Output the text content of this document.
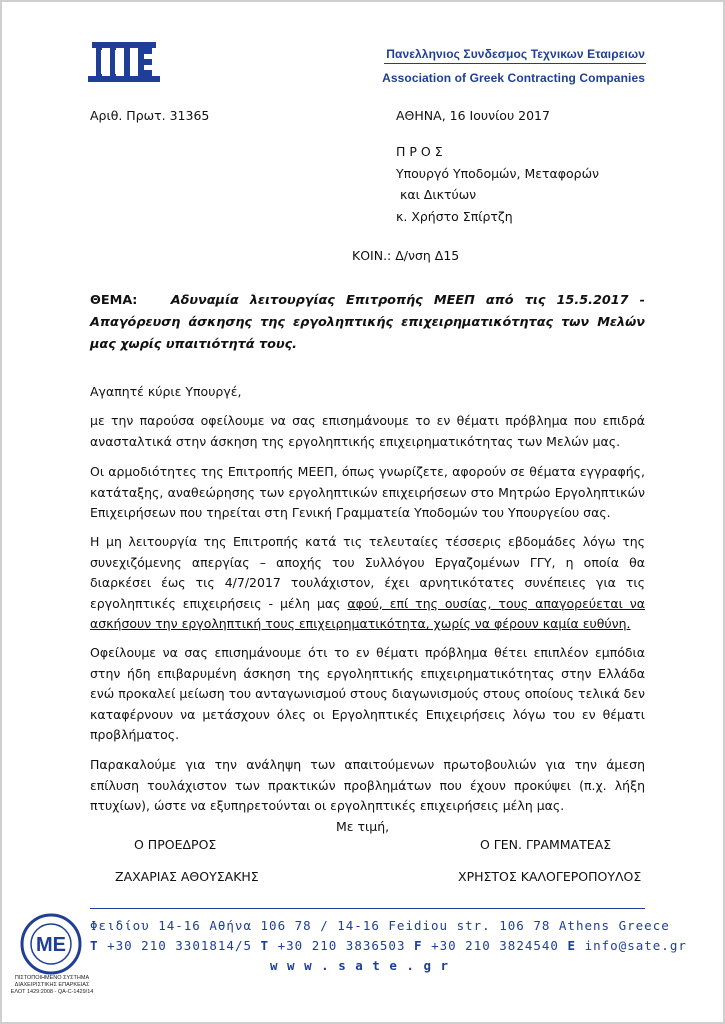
Πανελληνιος Συνδεσμος Τεχνικων Εταιρειων
Association of Greek Contracting Companies
Αριθ. Πρωτ. 31365	ΑΘΗΝΑ, 16 Ιουνίου 2017
Π Ρ Ο Σ
Υπουργό Υποδομών, Μεταφορών
και Δικτύων
κ. Χρήστο Σπίρτζη
ΚΟΙΝ.: Δ/νση Δ15
ΘΕΜΑ:	Αδυναμία λειτουργίας Επιτροπής ΜΕΕΠ από τις 15.5.2017 - Απαγόρευση άσκησης της εργοληπτικής επιχειρηματικότητας των Μελών μας χωρίς υπαιτιότητά τους.
Αγαπητέ κύριε Υπουργέ,
με την παρούσα οφείλουμε να σας επισημάνουμε το εν θέματι πρόβλημα που επιδρά ανασταλτικά στην άσκηση της εργοληπτικής επιχειρηματικότητας των Μελών μας.
Οι αρμοδιότητες της Επιτροπής ΜΕΕΠ, όπως γνωρίζετε, αφορούν σε θέματα εγγραφής, κατάταξης, αναθεώρησης των εργοληπτικών επιχειρήσεων στο Μητρώο Εργοληπτικών Επιχειρήσεων που τηρείται στη Γενική Γραμματεία Υποδομών του Υπουργείου σας.
Η μη λειτουργία της Επιτροπής κατά τις τελευταίες τέσσερις εβδομάδες λόγω της συνεχιζόμενης απεργίας – αποχής του Συλλόγου Εργαζομένων ΓΓΥ, η οποία θα διαρκέσει έως τις 4/7/2017 τουλάχιστον, έχει αρνητικότατες συνέπειες για τις εργοληπτικές επιχειρήσεις - μέλη μας αφού, επί της ουσίας, τους απαγορεύεται να ασκήσουν την εργοληπτική τους επιχειρηματικότητα, χωρίς να φέρουν καμία ευθύνη.
Οφείλουμε να σας επισημάνουμε ότι το εν θέματι πρόβλημα θέτει επιπλέον εμπόδια στην ήδη επιβαρυμένη άσκηση της εργοληπτικής επιχειρηματικότητας στην Ελλάδα ενώ προκαλεί μείωση του ανταγωνισμού στους διαγωνισμούς στους οποίους τελικά δεν καταφέρνουν να μετάσχουν όλες οι Εργοληπτικές Επιχειρήσεις λόγω του εν θέματι προβλήματος.
Παρακαλούμε για την ανάληψη των απαιτούμενων πρωτοβουλιών για την άμεση επίλυση τουλάχιστον των πρακτικών προβλημάτων που έχουν προκύψει (π.χ. λήξη πτυχίων), ώστε να εξυπηρετούνται οι εργοληπτικές επιχειρήσεις μέλη μας.
Με τιμή,
Ο ΠΡΟΕΔΡΟΣ	Ο ΓΕΝ. ΓΡΑΜΜΑΤΕΑΣ
ΖΑΧΑΡΙΑΣ ΑΘΟΥΣΑΚΗΣ	ΧΡΗΣΤΟΣ ΚΑΛΟΓΕΡΟΠΟΥΛΟΣ
ME
ΠΙΣΤΟΠΟΙΗΜΕΝΟ ΣΥΣΤΗΜΑ
ΔΙΑΧΕΙΡΙΣΤΙΚΗΣ ΕΠΑΡΚΕΙΑΣ
ΕΛΟΤ 1429:2008 - QA-C-1429/14
Φειδίου 14-16 Αθήνα 106 78 / 14-16 Feidiou str. 106 78 Athens Greece
T +30 210 3301814/5 T +30 210 3836503 F +30 210 3824540 E info@sate.gr
w w w . s a t e . g r
